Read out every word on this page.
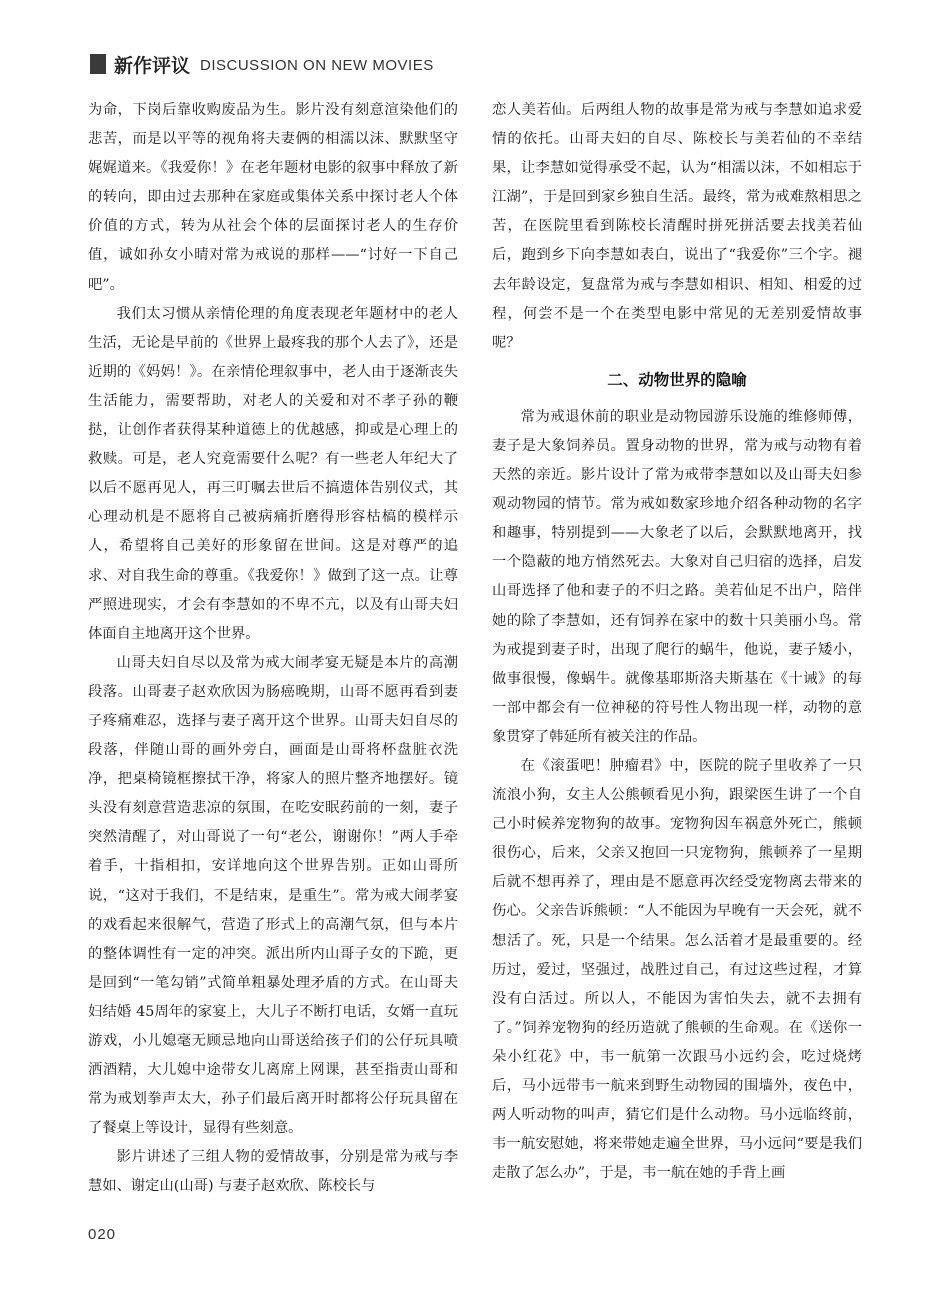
新作评议 DISCUSSION ON NEW MOVIES

为命，下岗后靠收购废品为生。影片没有刻意渲染他们的悲苦，而是以平等的视角将夫妻俩的相濡以沫、默默坚守娓娓道来。《我爱你！》在老年题材电影的叙事中释放了新的转向，即由过去那种在家庭或集体关系中探讨老人个体价值的方式，转为从社会个体的层面探讨老人的生存价值，诚如孙女小晴对常为戒说的那样——“讨好一下自己吧”。

我们太习惯从亲情伦理的角度表现老年题材中的老人生活，无论是早前的《世界上最疼我的那个人去了》，还是近期的《妈妈！》。在亲情伦理叙事中，老人由于逐渐丧失生活能力，需要帮助，对老人的关爱和对不孝子孙的鞭挞，让创作者获得某种道德上的优越感，抑或是心理上的救赎。可是，老人究竟需要什么呢？有一些老人年纪大了以后不愿再见人，再三叮嘱去世后不搞遗体告别仪式，其心理动机是不愿将自己被病痛折磨得形容枯槁的模样示人，希望将自己美好的形象留在世间。这是对尊严的追求、对自我生命的尊重。《我爱你！》做到了这一点。让尊严照进现实，才会有李慧如的不卑不亢，以及有山哥夫妇体面自主地离开这个世界。

山哥夫妇自尽以及常为戒大闹孝宴无疑是本片的高潮段落。山哥妻子赵欢欣因为肠癌晚期，山哥不愿再看到妻子疼痛难忍，选择与妻子离开这个世界。山哥夫妇自尽的段落，伴随山哥的画外旁白，画面是山哥将杯盘脏衣洗净，把桌椅镜框擦拭干净，将家人的照片整齐地摆好。镜头没有刻意营造悲凉的氛围，在吃安眠药前的一刻，妻子突然清醒了，对山哥说了一句“老公，谢谢你！”两人手牵着手，十指相扣，安详地向这个世界告别。正如山哥所说，“这对于我们，不是结束，是重生”。常为戒大闹孝宴的戏看起来很解气，营造了形式上的高潮气氛，但与本片的整体调性有一定的冲突。派出所内山哥子女的下跪，更是回到“一笔勾销”式简单粗暴处理矛盾的方式。在山哥夫妇结婚 45周年的家宴上，大儿子不断打电话，女婿一直玩游戏，小儿媳毫无顾忌地向山哥送给孩子们的公仔玩具喷洒酒精，大儿媳中途带女儿离席上网课，甚至指责山哥和常为戒划拳声太大，孙子们最后离开时都将公仔玩具留在了餐桌上等设计，显得有些刻意。

影片讲述了三组人物的爱情故事，分别是常为戒与李慧如、谢定山(山哥) 与妻子赵欢欣、陈校长与

恋人美若仙。后两组人物的故事是常为戒与李慧如追求爱情的依托。山哥夫妇的自尽、陈校长与美若仙的不幸结果，让李慧如觉得承受不起，认为“相濡以沫，不如相忘于江湖”，于是回到家乡独自生活。最终，常为戒难熬相思之苦，在医院里看到陈校长清醒时拼死拼活要去找美若仙后，跑到乡下向李慧如表白，说出了“我爱你”三个字。褪去年龄设定，复盘常为戒与李慧如相识、相知、相爱的过程，何尝不是一个在类型电影中常见的无差别爱情故事呢？

二、动物世界的隐喻

常为戒退休前的职业是动物园游乐设施的维修师傅，妻子是大象饲养员。置身动物的世界，常为戒与动物有着天然的亲近。影片设计了常为戒带李慧如以及山哥夫妇参观动物园的情节。常为戒如数家珍地介绍各种动物的名字和趣事，特别提到——大象老了以后，会默默地离开，找一个隐蔽的地方悄然死去。大象对自己归宿的选择，启发山哥选择了他和妻子的不归之路。美若仙足不出户，陪伴她的除了李慧如，还有饲养在家中的数十只美丽小鸟。常为戒提到妻子时，出现了爬行的蜗牛，他说，妻子矮小，做事很慢，像蜗牛。就像基耶斯洛夫斯基在《十诫》的每一部中都会有一位神秘的符号性人物出现一样，动物的意象贯穿了韩延所有被关注的作品。

在《滚蛋吧！肿瘤君》中，医院的院子里收养了一只流浪小狗，女主人公熊顿看见小狗，跟梁医生讲了一个自己小时候养宠物狗的故事。宠物狗因车祸意外死亡，熊顿很伤心，后来，父亲又抱回一只宠物狗，熊顿养了一星期后就不想再养了，理由是不愿意再次经受宠物离去带来的伤心。父亲告诉熊顿：“人不能因为早晚有一天会死，就不想活了。死，只是一个结果。怎么活着才是最重要的。经历过，爱过，坚强过，战胜过自己，有过这些过程，才算没有白活过。所以人，不能因为害怕失去，就不去拥有了。”饲养宠物狗的经历造就了熊顿的生命观。在《送你一朵小红花》中，韦一航第一次跟马小远约会，吃过烧烤后，马小远带韦一航来到野生动物园的围墙外，夜色中，两人听动物的叫声，猜它们是什么动物。马小远临终前，韦一航安慰她，将来带她走遍全世界，马小远问“要是我们走散了怎么办”，于是，韦一航在她的手背上画

020
